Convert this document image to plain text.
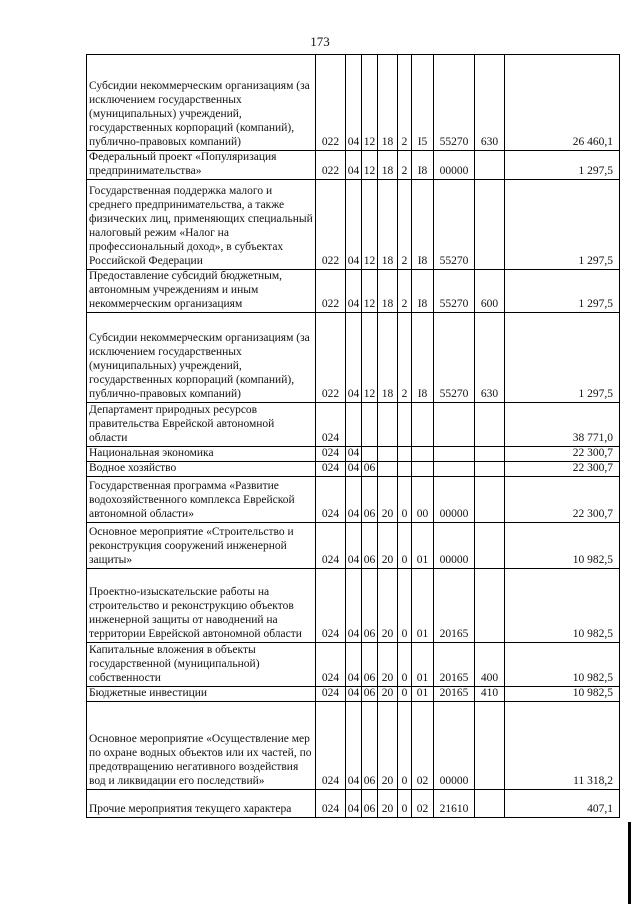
173
Субсидии некоммерческим организациям (за исключением государственных (муниципальных) учреждений, государственных корпораций (компаний), публично-правовых компаний)	022	04	12	18	2	I5	55270	630	26 460,1
Федеральный проект «Популяризация предпринимательства»	022	04	12	18	2	I8	00000		1 297,5
Государственная поддержка малого и среднего предпринимательства, а также физических лиц, применяющих специальный налоговый режим «Налог на профессиональный доход», в субъектах Российской Федерации	022	04	12	18	2	I8	55270		1 297,5
Предоставление субсидий бюджетным, автономным учреждениям и иным некоммерческим организациям	022	04	12	18	2	I8	55270	600	1 297,5
Субсидии некоммерческим организациям (за исключением государственных (муниципальных) учреждений, государственных корпораций (компаний), публично-правовых компаний)	022	04	12	18	2	I8	55270	630	1 297,5
Департамент природных ресурсов правительства Еврейской автономной области	024								38 771,0
Национальная экономика	024	04							22 300,7
Водное хозяйство	024	04	06						22 300,7
Государственная программа «Развитие водохозяйственного комплекса Еврейской автономной области»	024	04	06	20	0	00	00000		22 300,7
Основное мероприятие «Строительство и реконструкция сооружений инженерной защиты»	024	04	06	20	0	01	00000		10 982,5
Проектно-изыскательские работы на строительство и реконструкцию объектов инженерной защиты от наводнений на территории Еврейской автономной области	024	04	06	20	0	01	20165		10 982,5
Капитальные вложения в объекты государственной (муниципальной) собственности	024	04	06	20	0	01	20165	400	10 982,5
Бюджетные инвестиции	024	04	06	20	0	01	20165	410	10 982,5
Основное мероприятие «Осуществление мер по охране водных объектов или их частей, по предотвращению негативного воздействия вод и ликвидации его последствий»	024	04	06	20	0	02	00000		11 318,2
Прочие мероприятия текущего характера	024	04	06	20	0	02	21610		407,1
